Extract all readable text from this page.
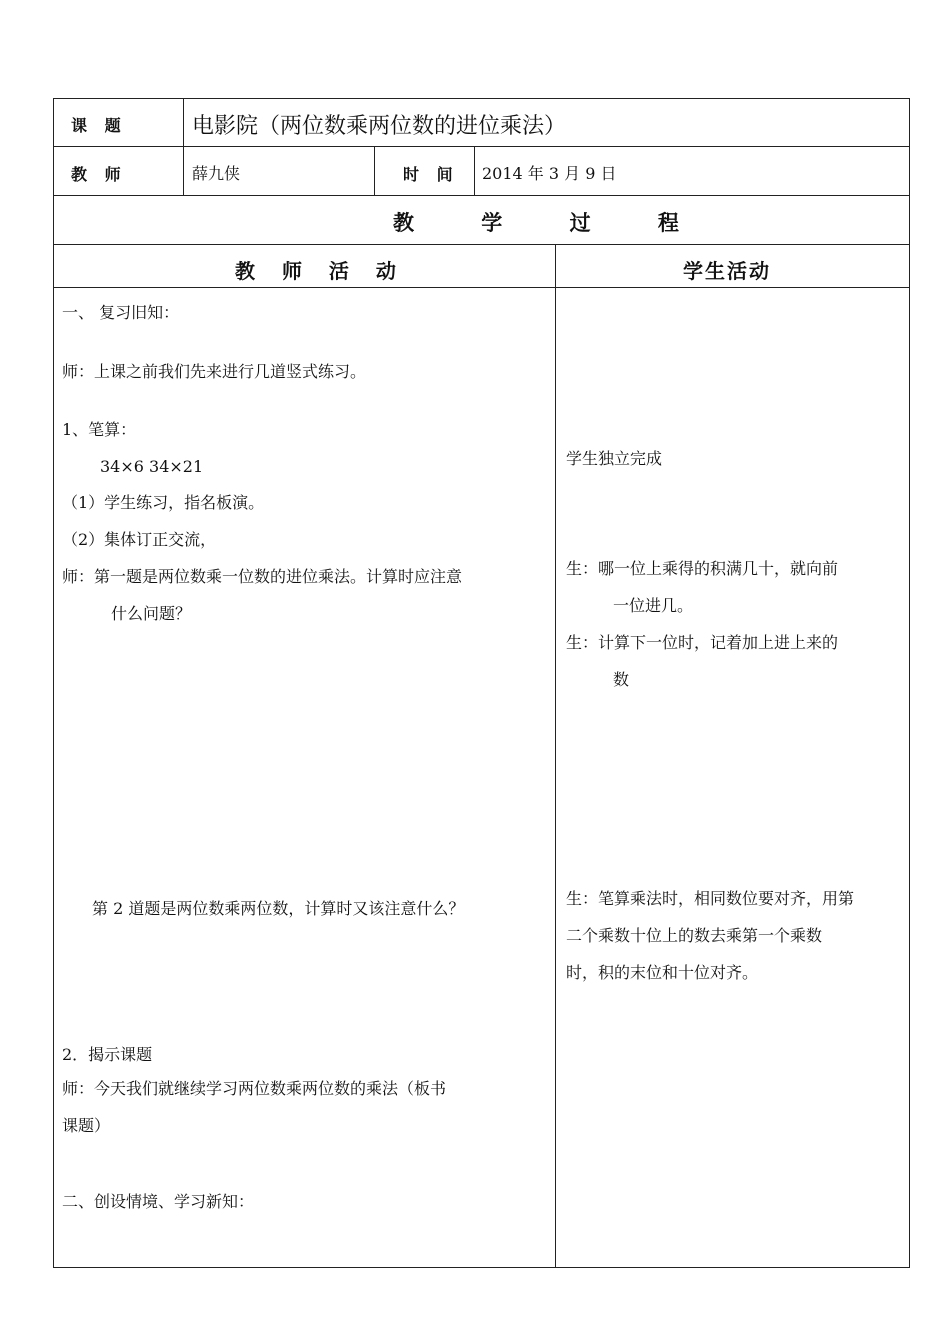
课 题	电影院（两位数乘两位数的进位乘法）
教 师	薛九侠	时 间 2014 年 3 月 9 日
教 学 过 程
教 师 活 动	学生活动
一、 复习旧知：
师：上课之前我们先来进行几道竖式练习。
1、笔算：
34×6 34×21
（1）学生练习，指名板演。
（2）集体订正交流，
师：第一题是两位数乘一位数的进位乘法。计算时应注意
什么问题？
第 2 道题是两位数乘两位数，计算时又该注意什么？
2．揭示课题
师：今天我们就继续学习两位数乘两位数的乘法（板书
课题）
二、创设情境、学习新知：
学生独立完成
生：哪一位上乘得的积满几十，就向前
一位进几。
生：计算下一位时，记着加上进上来的
数
生：笔算乘法时，相同数位要对齐，用第
二个乘数十位上的数去乘第一个乘数
时，积的末位和十位对齐。
